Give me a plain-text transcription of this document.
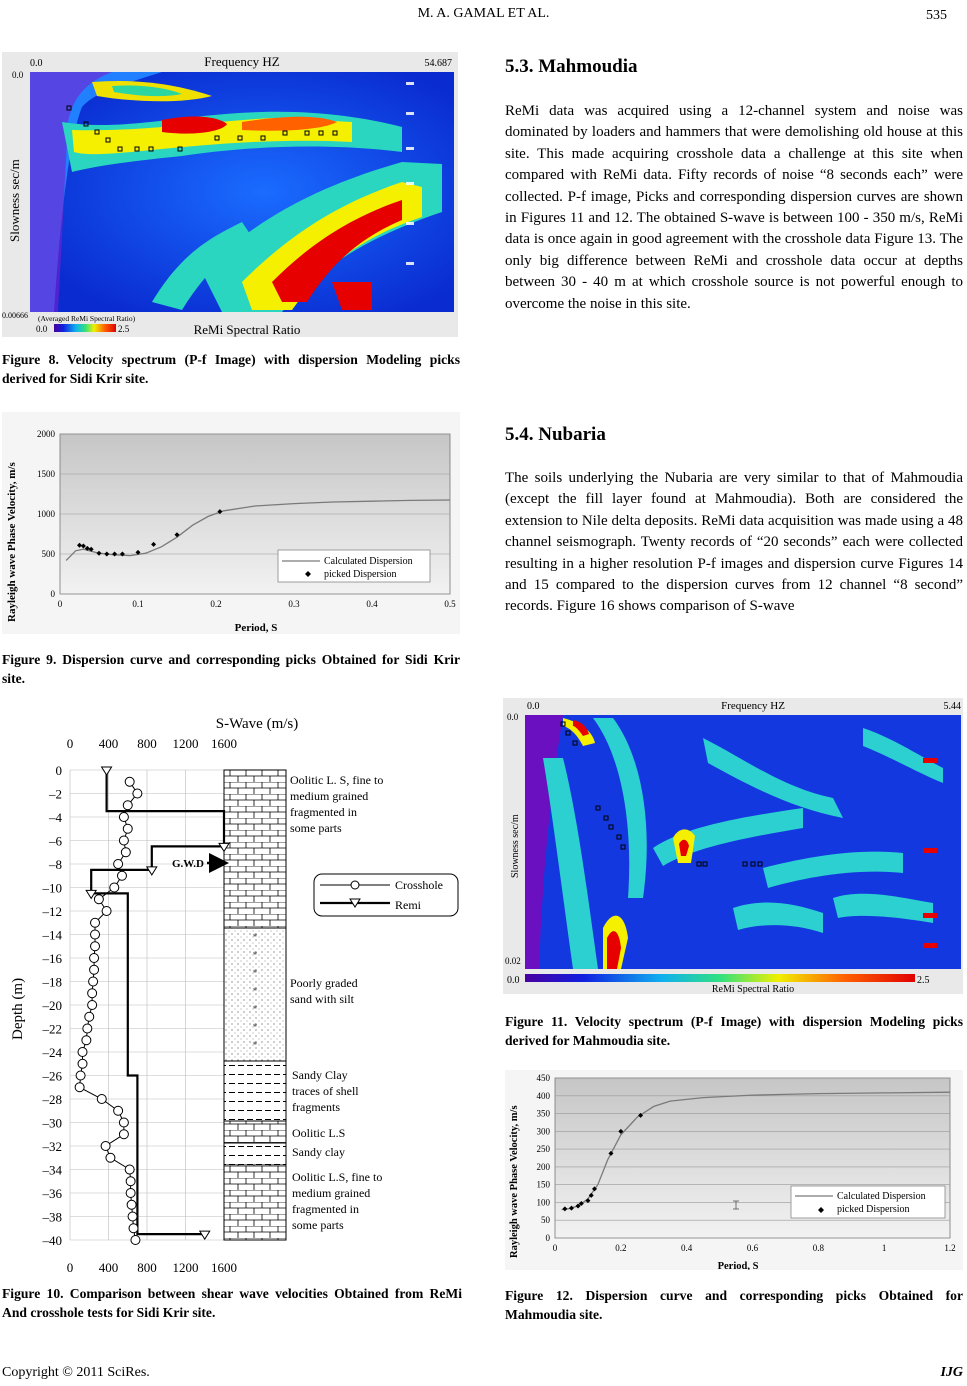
M. A. GAMAL ET AL.	535
0.0	Frequency HZ	54.687
0.0
0.00666
Slowness sec/m
(Averaged ReMi Spectral Ratio)
0.0	2.5	ReMi Spectral Ratio
Figure 8. Velocity spectrum (P-f Image) with dispersion Modeling picks derived for Sidi Krir site.
0
500
1000
1500
2000
0	0.1	0.2	0.3	0.4	0.5
Rayleigh wave Phase Velocity, m/s
Period, S
Calculated Dispersion
picked Dispersion
Figure 9. Dispersion curve and corresponding picks Obtained for Sidi Krir site.
S-Wave (m/s)
0 400 800 1200 1600
0 400 800 1200 1600
0
–2
–4
–6
–8
–10
–12
–14
–16
–18
–20
–22
–24
–26
–28
–30
–32
–34
–36
–38
–40
Depth (m)
*
*
*
*
*
*
*
G.W.D
Crosshole
Remi
Oolitic L. S, fine to medium grained fragmented in some parts
Poorly graded sand with silt
Sandy Clay traces of shell fragments
Oolitic L.S
Sandy clay
Oolitic L.S, fine to medium grained fragmented in some parts
Figure 10. Comparison between shear wave velocities Obtained from ReMi And crosshole tests for Sidi Krir site.
5.3. Mahmoudia
ReMi data was acquired using a 12-channel system and noise was dominated by loaders and hammers that were demolishing old house at this site. This made acquiring crosshole data a challenge at this site when compared with ReMi data. Fifty records of noise “8 seconds each” were collected. P-f image, Picks and corresponding dispersion curves are shown in Figures 11 and 12. The obtained S-wave is between 100 - 350 m/s, ReMi data is once again in good agreement with the crosshole data Figure 13. The only big difference between ReMi and crosshole data occur at depths between 30 - 40 m at which crosshole source is not powerful enough to overcome the noise in this site.
5.4. Nubaria
The soils underlying the Nubaria are very similar to that of Mahmoudia (except the fill layer found at Mahmoudia). Both are considered the extension to Nile delta deposits. ReMi data acquisition was made using a 48 channel seismograph. Twenty records of “20 seconds” each were collected resulting in a higher resolution P-f images and dispersion curve Figures 14 and 15 compared to the dispersion curves from 12 channel “8 second” records. Figure 16 shows comparison of S-wave
0.0	Frequency HZ	5.44
0.0
0.02
Slowness sec/m
0.0	2.5
ReMi Spectral Ratio
Figure 11. Velocity spectrum (P-f Image) with dispersion Modeling picks derived for Mahmoudia site.
0
50
100
150
200
250
300
350
400
450
0	0.2	0.4	0.6	0.8	1	1.2
Rayleigh wave Phase Velocity, m/s
Period, S
Calculated Dispersion
picked Dispersion
Figure 12. Dispersion curve and corresponding picks Obtained for Mahmoudia site.
Copyright © 2011 SciRes.	IJG
